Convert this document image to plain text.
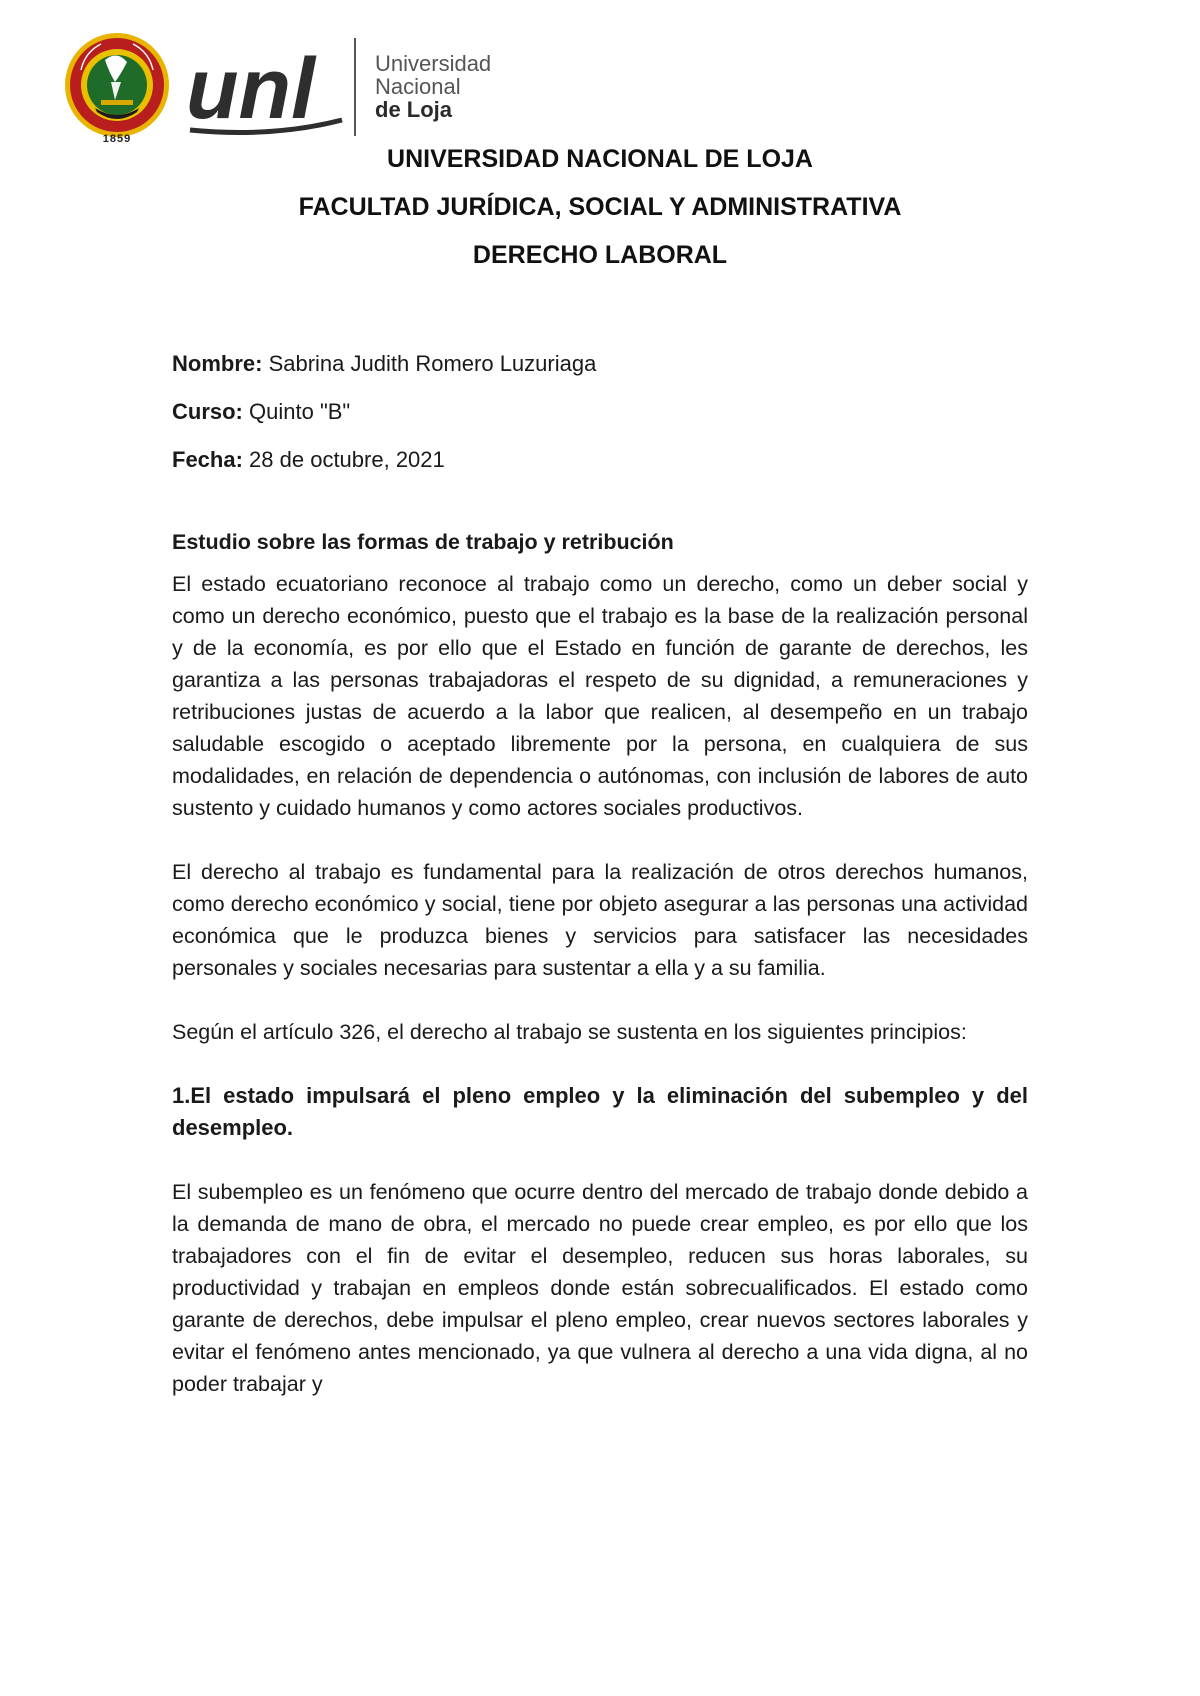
1859
unl	Universidad
Nacional
de Loja
UNIVERSIDAD NACIONAL DE LOJA
FACULTAD JURÍDICA, SOCIAL Y ADMINISTRATIVA
DERECHO LABORAL
Nombre: Sabrina Judith Romero Luzuriaga
Curso: Quinto "B"
Fecha: 28 de octubre, 2021
Estudio sobre las formas de trabajo y retribución

El estado ecuatoriano reconoce al trabajo como un derecho, como un deber social y como un derecho económico, puesto que el trabajo es la base de la realización personal y de la economía, es por ello que el Estado en función de garante de derechos, les garantiza a las personas trabajadoras el respeto de su dignidad, a remuneraciones y retribuciones justas de acuerdo a la labor que realicen, al desempeño en un trabajo saludable escogido o aceptado libremente por la persona, en cualquiera de sus modalidades, en relación de dependencia o autónomas, con inclusión de labores de auto sustento y cuidado humanos y como actores sociales productivos.

El derecho al trabajo es fundamental para la realización de otros derechos humanos, como derecho económico y social, tiene por objeto asegurar a las personas una actividad económica que le produzca bienes y servicios para satisfacer las necesidades personales y sociales necesarias para sustentar a ella y a su familia.

Según el artículo 326, el derecho al trabajo se sustenta en los siguientes principios:

1.El estado impulsará el pleno empleo y la eliminación del subempleo y del desempleo.

El subempleo es un fenómeno que ocurre dentro del mercado de trabajo donde debido a la demanda de mano de obra, el mercado no puede crear empleo, es por ello que los trabajadores con el fin de evitar el desempleo, reducen sus horas laborales, su productividad y trabajan en empleos donde están sobrecualificados. El estado como garante de derechos, debe impulsar el pleno empleo, crear nuevos sectores laborales y evitar el fenómeno antes mencionado, ya que vulnera al derecho a una vida digna, al no poder trabajar y
